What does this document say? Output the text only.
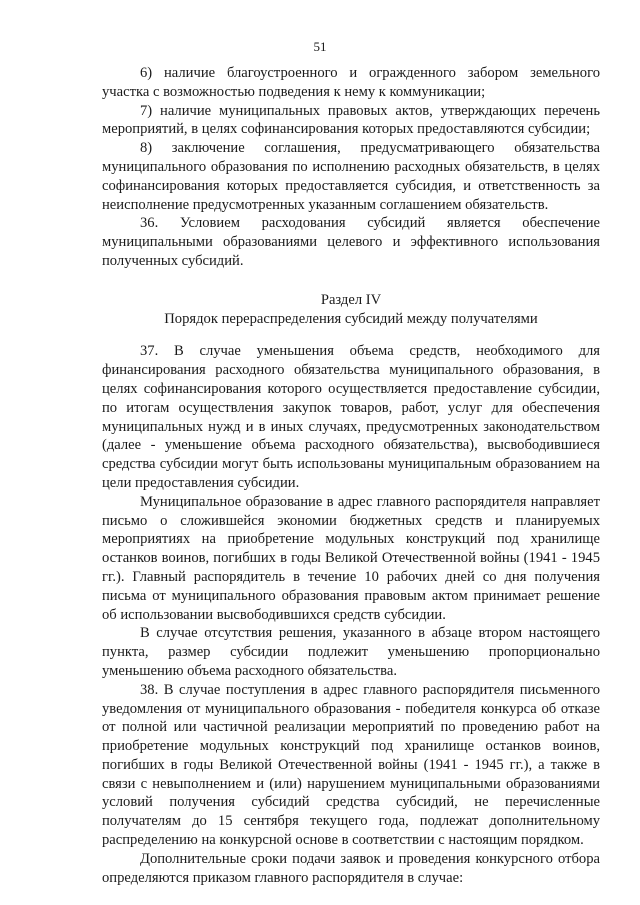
51

6) наличие благоустроенного и огражденного забором земельного участка с возможностью подведения к нему к коммуникации;

7) наличие муниципальных правовых актов, утверждающих перечень мероприятий, в целях софинансирования которых предоставляются субсидии;

8) заключение соглашения, предусматривающего обязательства муниципального образования по исполнению расходных обязательств, в целях софинансирования которых предоставляется субсидия, и ответственность за неисполнение предусмотренных указанным соглашением обязательств.

36. Условием расходования субсидий является обеспечение муниципальными образованиями целевого и эффективного использования полученных субсидий.

Раздел IV

Порядок перераспределения субсидий между получателями

37. В случае уменьшения объема средств, необходимого для финансирования расходного обязательства муниципального образования, в целях софинансирования которого осуществляется предоставление субсидии, по итогам осуществления закупок товаров, работ, услуг для обеспечения муниципальных нужд и в иных случаях, предусмотренных законодательством (далее - уменьшение объема расходного обязательства), высвободившиеся средства субсидии могут быть использованы муниципальным образованием на цели предоставления субсидии.

Муниципальное образование в адрес главного распорядителя направляет письмо о сложившейся экономии бюджетных средств и планируемых мероприятиях на приобретение модульных конструкций под хранилище останков воинов, погибших в годы Великой Отечественной войны (1941 - 1945 гг.). Главный распорядитель в течение 10 рабочих дней со дня получения письма от муниципального образования правовым актом принимает решение об использовании высвободившихся средств субсидии.

В случае отсутствия решения, указанного в абзаце втором настоящего пункта, размер субсидии подлежит уменьшению пропорционально уменьшению объема расходного обязательства.

38. В случае поступления в адрес главного распорядителя письменного уведомления от муниципального образования - победителя конкурса об отказе от полной или частичной реализации мероприятий по проведению работ на приобретение модульных конструкций под хранилище останков воинов, погибших в годы Великой Отечественной войны (1941 - 1945 гг.), а также в связи с невыполнением и (или) нарушением муниципальными образованиями условий получения субсидий средства субсидий, не перечисленные получателям до 15 сентября текущего года, подлежат дополнительному распределению на конкурсной основе в соответствии с настоящим порядком.

Дополнительные сроки подачи заявок и проведения конкурсного отбора определяются приказом главного распорядителя в случае:
